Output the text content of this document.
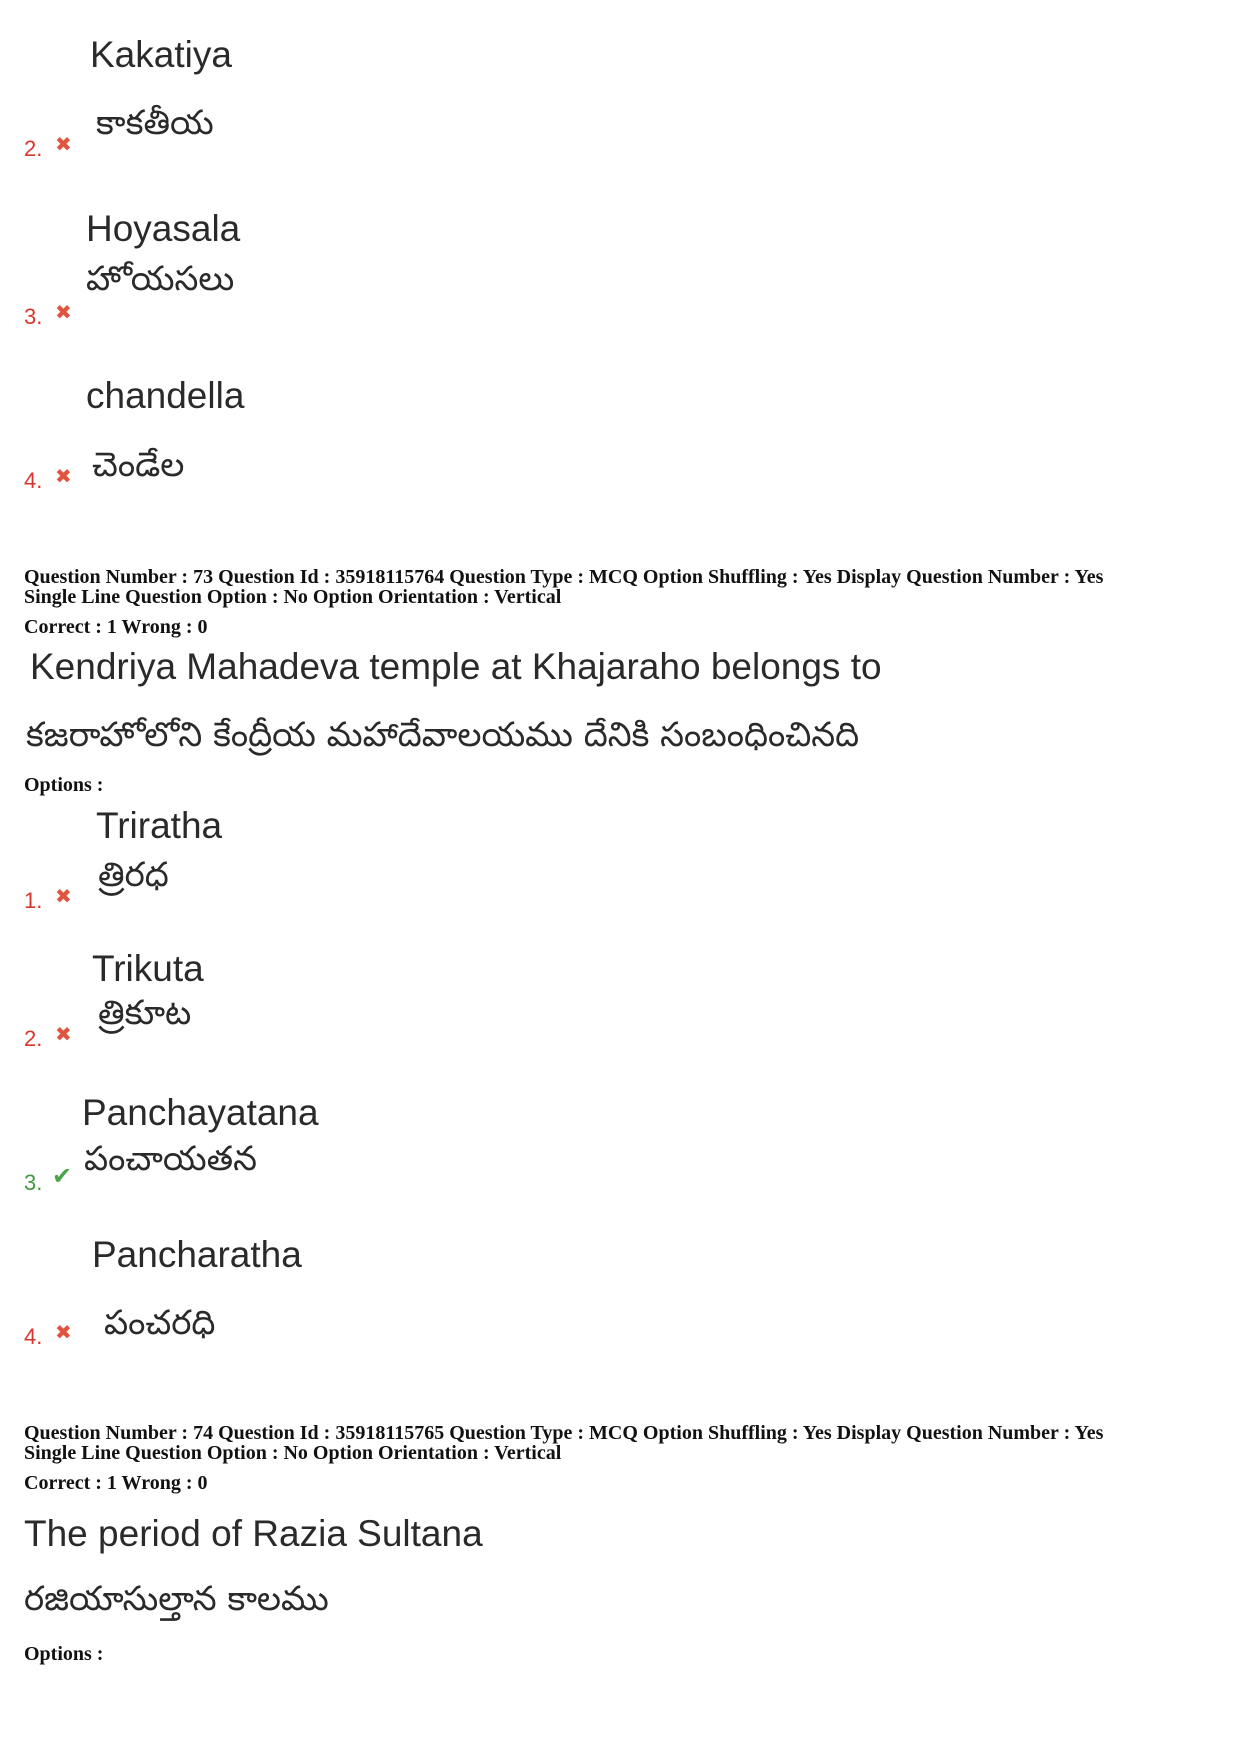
Kakatiya
కాకతీయ
2. ✖
Hoyasala
హోయసలు
3. ✖
chandella
చెండేల
4. ✖
Question Number : 73 Question Id : 35918115764 Question Type : MCQ Option Shuffling : Yes Display Question Number : Yes
Single Line Question Option : No Option Orientation : Vertical
Correct : 1 Wrong : 0
Kendriya Mahadeva temple at Khajaraho belongs to
కజరాహోలోని కేంద్రీయ మహాదేవాలయము దేనికి సంబంధించినది
Options :
Triratha
త్రిరధ
1. ✖
Trikuta
త్రికూట
2. ✖
Panchayatana
పంచాయతన
3. ✔
Pancharatha
పంచరధి
4. ✖
Question Number : 74 Question Id : 35918115765 Question Type : MCQ Option Shuffling : Yes Display Question Number : Yes
Single Line Question Option : No Option Orientation : Vertical
Correct : 1 Wrong : 0
The period of Razia Sultana
రజియాసుల్తాన కాలము
Options :
